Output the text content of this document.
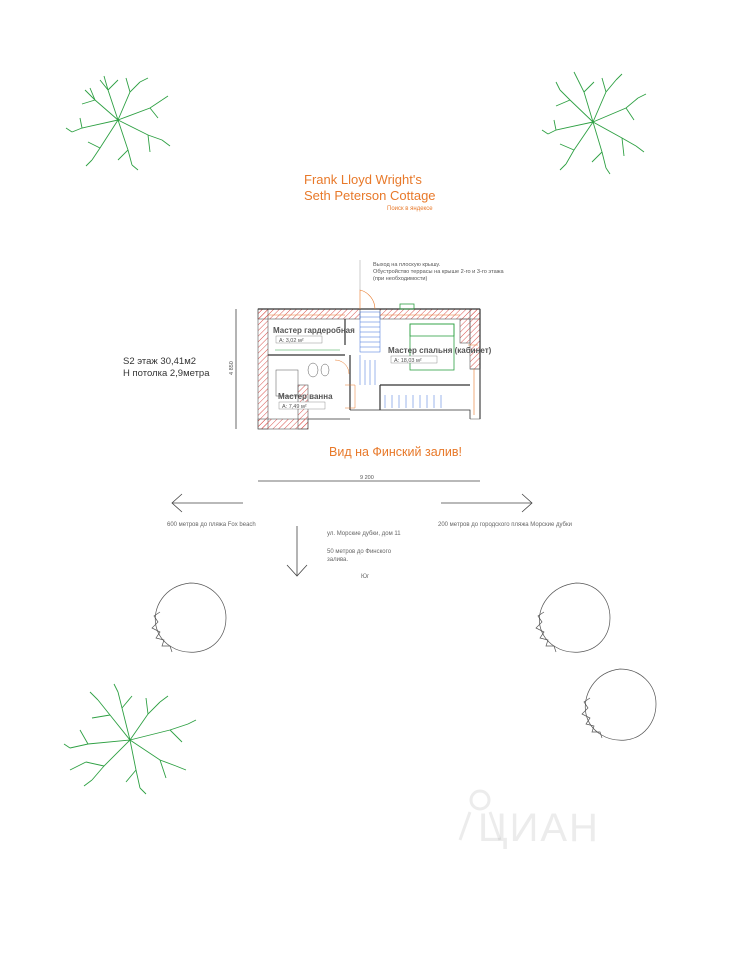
Frank Lloyd Wright's
Seth Peterson Cottage
Поиск в яндексе
Выход на плоскую крышу.
Обустройство террасы на крыше 2-го и 3-го этажа
(при необходимости)
S2 этаж 30,41м2
Н потолка 2,9метра
Вид на Финский залив!
600 метров до пляжа Fox beach	200 метров до городского пляжа Морские дубки
ул. Морские дубки, дом 11
50 метров до Финского залива.
Юг
ЦИАН
Мастер гардеробная
А: 3,02 м²
Мастер спальня (кабинет)
А: 18,03 м²
Мастер ванна
А: 7,49 м²
4 850
9 200
